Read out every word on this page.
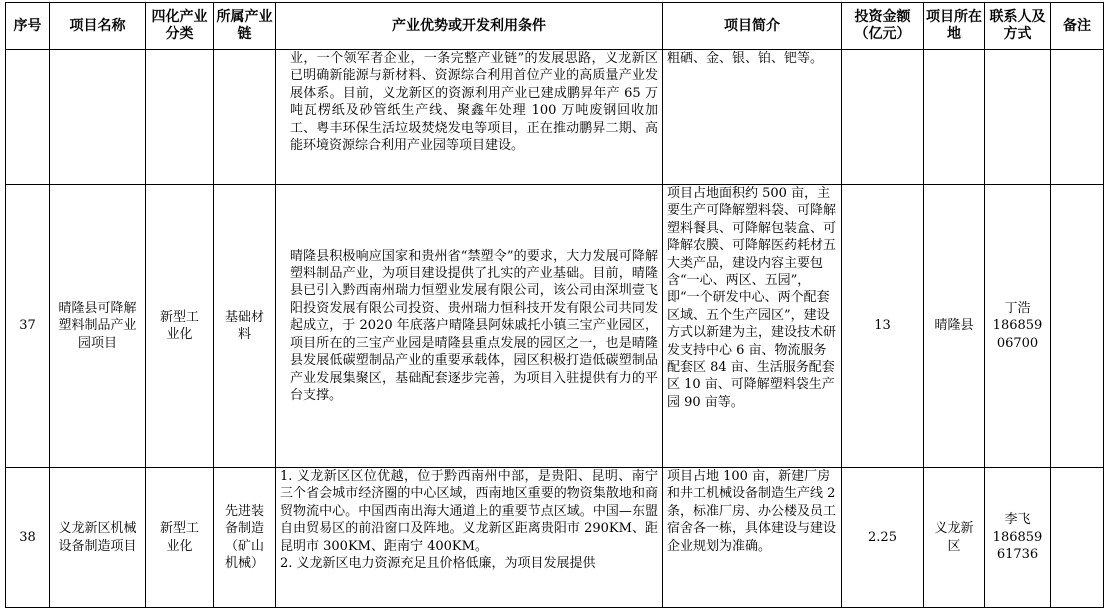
序号	项目名称	四化产业分类	所属产业链	产业优势或开发利用条件	项目简介	投资金额（亿元）	项目所在地	联系人及方式	备注
				业，一个领军者企业，一条完整产业链”的发展思路，义龙新区已明确新能源与新材料、资源综合利用首位产业的高质量产业发展体系。目前，义龙新区的资源利用产业已建成鹏昇年产 65 万吨瓦楞纸及砂管纸生产线、聚鑫年处理 100 万吨废钢回收加工、粤丰环保生活垃圾焚烧发电等项目，正在推动鹏昇二期、高能环境资源综合利用产业园等项目建设。	粗硒、金、银、铂、钯等。			

37	晴隆县可降解塑料制品产业园项目	新型工业化	基础材料	晴隆县积极响应国家和贵州省“禁塑令”的要求，大力发展可降解塑料制品产业，为项目建设提供了扎实的产业基础。目前，晴隆县已引入黔西南州瑞力恒塑业发展有限公司，该公司由深圳壹飞阳投资发展有限公司投资、贵州瑞力恒科技开发有限公司共同发起成立，于 2020 年底落户晴隆县阿妹戚托小镇三宝产业园区，项目所在的三宝产业园是晴隆县重点发展的园区之一，也是晴隆县发展低碳塑制品产业的重要承载体，园区积极打造低碳塑制品产业发展集聚区，基础配套逐步完善，为项目入驻提供有力的平台支撑。	项目占地面积约 500 亩，主要生产可降解塑料袋、可降解塑料餐具、可降解包装盒、可降解农膜、可降解医药耗材五大类产品，建设内容主要包含“一心、两区、五园”，即“一个研发中心、两个配套区域、五个生产园区”，建设方式以新建为主，建设技术研发支持中心 6 亩、物流服务配套区 84 亩、生活服务配套区 10 亩、可降解塑料袋生产园 90 亩等。	13	晴隆县	丁浩
18685906700	

38	义龙新区机械设备制造项目	新型工业化	先进装备制造（矿山机械）	1. 义龙新区区位优越，位于黔西南州中部，是贵阳、昆明、南宁三个省会城市经济圈的中心区域，西南地区重要的物资集散地和商贸物流中心。中国西南出海大通道上的重要节点区域。中国—东盟自由贸易区的前沿窗口及阵地。义龙新区距离贵阳市 290KM、距昆明市 300KM、距南宁 400KM。
2. 义龙新区电力资源充足且价格低廉，为项目发展提供	项目占地 100 亩，新建厂房和井工机械设备制造生产线 2 条，标准厂房、办公楼及员工宿舍各一栋，具体建设与建设企业规划为准确。	2.25	义龙新区	李飞
18685961736	
